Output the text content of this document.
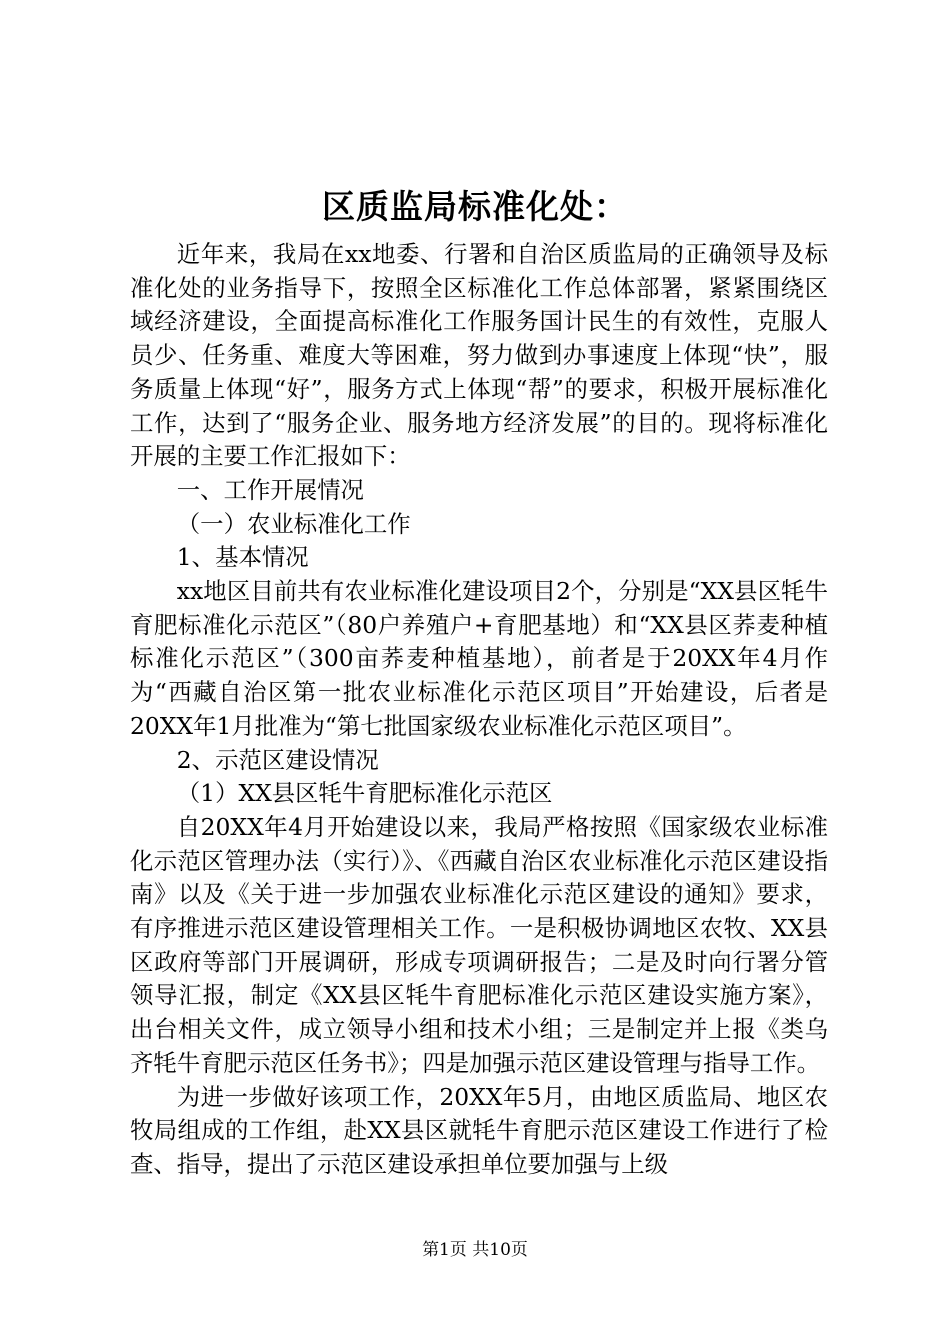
区质监局标准化处：

近年来，我局在xx地委、行署和自治区质监局的正确领导及标准化处的业务指导下，按照全区标准化工作总体部署，紧紧围绕区域经济建设，全面提高标准化工作服务国计民生的有效性，克服人员少、任务重、难度大等困难，努力做到办事速度上体现“快”，服务质量上体现“好”，服务方式上体现“帮”的要求，积极开展标准化工作，达到了“服务企业、服务地方经济发展”的目的。现将标准化开展的主要工作汇报如下：

一、工作开展情况

（一）农业标准化工作

1、基本情况

xx地区目前共有农业标准化建设项目2个，分别是“XX县区牦牛育肥标准化示范区”（80户养殖户+育肥基地）和“XX县区荞麦种植标准化示范区”（300亩荞麦种植基地），前者是于20XX年4月作为“西藏自治区第一批农业标准化示范区项目”开始建设，后者是20XX年1月批准为“第七批国家级农业标准化示范区项目”。

2、示范区建设情况

（1）XX县区牦牛育肥标准化示范区

自20XX年4月开始建设以来，我局严格按照《国家级农业标准化示范区管理办法（实行）》、《西藏自治区农业标准化示范区建设指南》以及《关于进一步加强农业标准化示范区建设的通知》要求，有序推进示范区建设管理相关工作。一是积极协调地区农牧、XX县区政府等部门开展调研，形成专项调研报告；二是及时向行署分管领导汇报，制定《XX县区牦牛育肥标准化示范区建设实施方案》，出台相关文件，成立领导小组和技术小组；三是制定并上报《类乌齐牦牛育肥示范区任务书》；四是加强示范区建设管理与指导工作。

为进一步做好该项工作，20XX年5月，由地区质监局、地区农牧局组成的工作组，赴XX县区就牦牛育肥示范区建设工作进行了检查、指导，提出了示范区建设承担单位要加强与上级

第1页 共10页
